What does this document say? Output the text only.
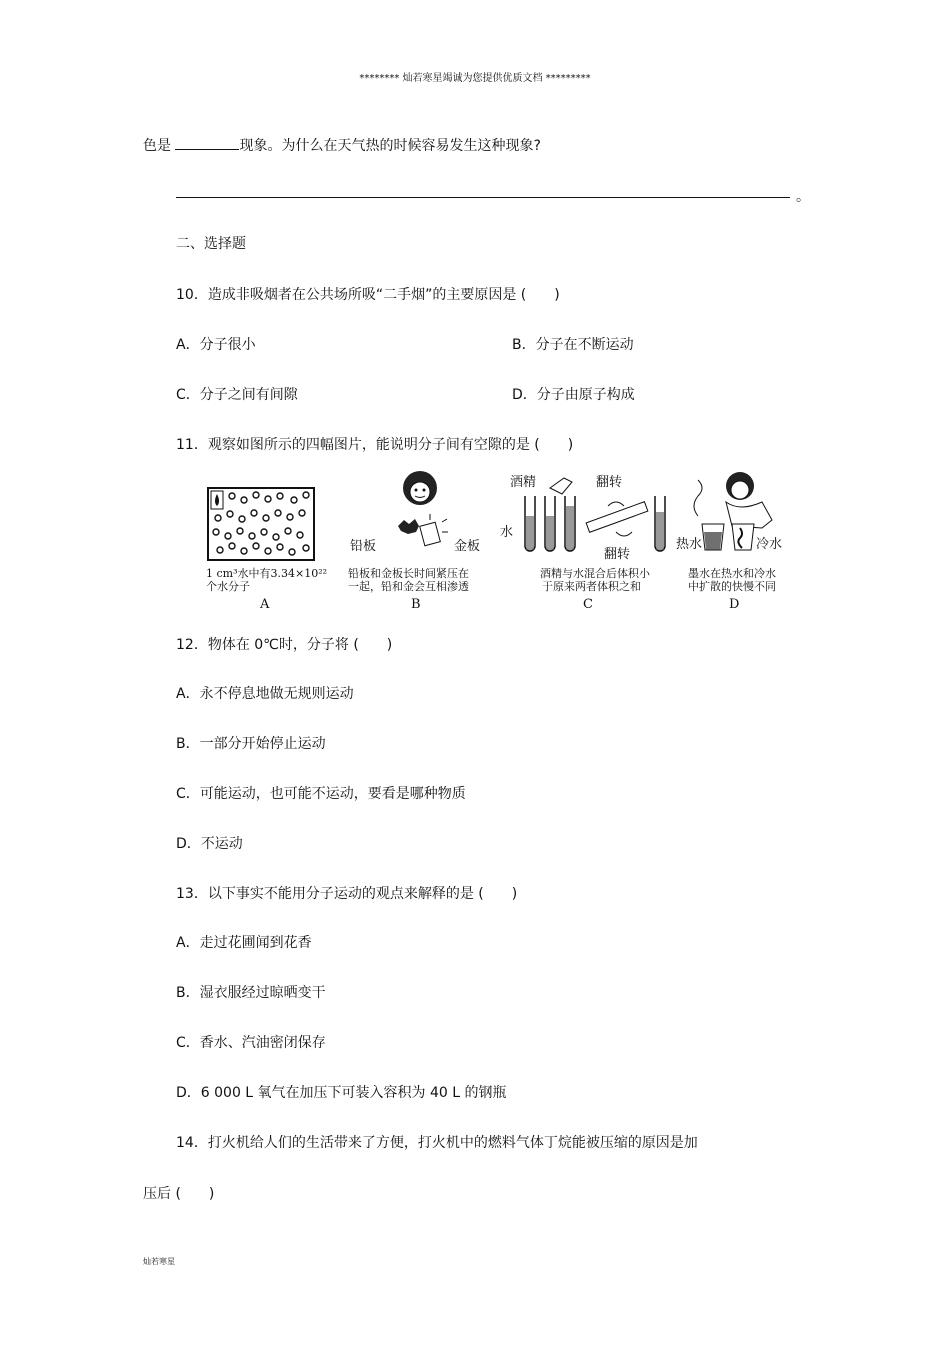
******** 灿若寒星竭诚为您提供优质文档 *********
色是	现象。为什么在天气热的时候容易发生这种现象?
。
二、选择题
10．造成非吸烟者在公共场所吸“二手烟”的主要原因是 (　　)
A．分子很小	B．分子在不断运动
C．分子之间有间隙	D．分子由原子构成
11．观察如图所示的四幅图片，能说明分子间有空隙的是 (　　)
1 cm³水中有3.34×10²²
个水分子
A
铅板	金板
铅板和金板长时间紧压在
一起，铅和金会互相渗透
B
酒精
水
翻转
翻转
酒精与水混合后体积小
于原来两者体积之和
C
热水	冷水
墨水在热水和冷水
中扩散的快慢不同
D
12．物体在 0℃时，分子将 (　　)
A．永不停息地做无规则运动
B．一部分开始停止运动
C．可能运动，也可能不运动，要看是哪种物质
D．不运动
13．以下事实不能用分子运动的观点来解释的是 (　　)
A．走过花圃闻到花香
B．湿衣服经过晾晒变干
C．香水、汽油密闭保存
D．6 000 L 氧气在加压下可装入容积为 40 L 的钢瓶
14．打火机给人们的生活带来了方便，打火机中的燃料气体丁烷能被压缩的原因是加
压后 (　　)
灿若寒星
